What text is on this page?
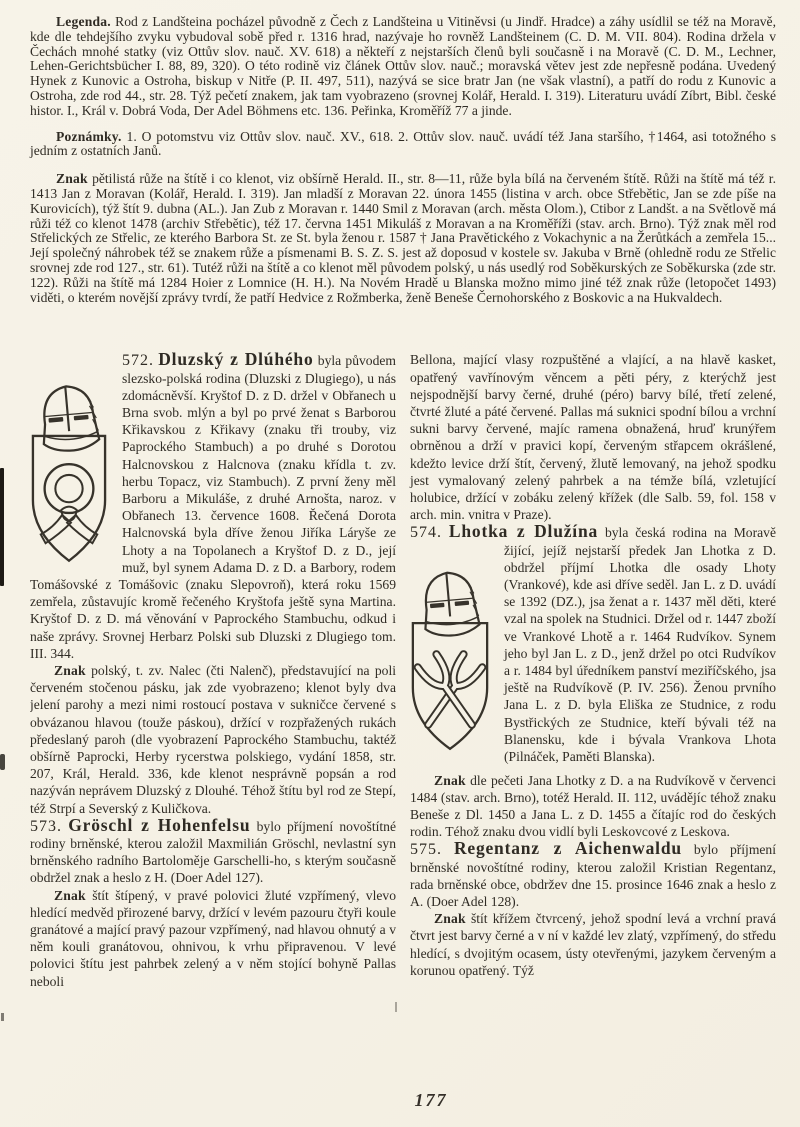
Legenda. Rod z Landšteina pocházel původně z Čech z Landšteina u Vitiněvsi (u Jindř. Hradce) a záhy usídlil se též na Moravě, kde dle tehdejšího zvyku vybudoval sobě před r. 1316 hrad, nazývaje ho rovněž Landšteinem (C. D. M. VII. 804). Rodina držela v Čechách mnohé statky (viz Ottův slov. nauč. XV. 618) a někteří z nejstarších členů byli současně i na Moravě (C. D. M., Lechner, Lehen-Gerichtsbücher I. 88, 89, 320). O této rodině viz článek Ottův slov. nauč.; moravská větev jest zde nepřesně podána. Uvedený Hynek z Kunovic a Ostroha, biskup v Nitře (P. II. 497, 511), nazývá se sice bratr Jan (ne však vlastní), a patří do rodu z Kunovic a Ostroha, zde rod 44., str. 28. Týž pečetí znakem, jak tam vyobrazeno (srovnej Kolář, Herald. I. 319). Literaturu uvádí Zíbrt, Bibl. české histor. I., Král v. Dobrá Voda, Der Adel Böhmens etc. 136. Peřinka, Kroměříž 77 a jinde.

Poznámky. 1. O potomstvu viz Ottův slov. nauč. XV., 618. 2. Ottův slov. nauč. uvádí též Jana staršího, †1464, asi totožného s jedním z ostatních Janů.

Znak pětilistá růže na štítě i co klenot, viz obšírně Herald. II., str. 8—11, růže byla bílá na červeném štítě. Růži na štítě má též r. 1413 Jan z Moravan (Kolář, Herald. I. 319). Jan mladší z Moravan 22. února 1455 (listina v arch. obce Střebětic, Jan se zde píše na Kurovicích), týž štít 9. dubna (AL.). Jan Zub z Moravan r. 1440 Smil z Moravan (arch. města Olom.), Ctibor z Landšt. a na Světlově má růži též co klenot 1478 (archiv Střebětic), též 17. června 1451 Mikuláš z Moravan a na Kroměříži (stav. arch. Brno). Týž znak měl rod Střelických ze Střelic, ze kterého Barbora St. ze St. byla ženou r. 1587 † Jana Pravětického z Vokachynic a na Žerůtkách a zemřela 15... Její společný náhrobek též se znakem růže a písmenami B. S. Z. S. jest až doposud v kostele sv. Jakuba v Brně (ohledně rodu ze Střelic srovnej zde rod 127., str. 61). Tutéž růži na štítě a co klenot měl původem polský, u nás usedlý rod Soběkurských ze Soběkurska (zde str. 122). Růži na štítě má 1284 Hoier z Lomnice (H. H.). Na Novém Hradě u Blanska možno mimo jiné též znak růže (letopočet 1493) viděti, o kterém novější zprávy tvrdí, že patří Hedvice z Rožmberka, ženě Beneše Černohorského z Boskovic a na Hukvaldech.

572. Dluzský z Dlúhého byla původem
slezsko-polská rodina (Dluzski z Dlugiego), u nás zdomácněvší. Kryštof D. z D. držel v Obřanech u Brna svob. mlýn a byl po prvé ženat s Barborou Křikavskou z Křikavy (znaku tři trouby, viz Paprockého Stambuch) a po druhé s Dorotou Halcnovskou z Halcnova (znaku křídla t. zv. herbu Topacz, viz Stambuch). Z první ženy měl Barboru a Mikuláše, z druhé Arnošta, naroz. v Obřanech 13. července 1608. Řečená Dorota Halcnovská byla dříve ženou Jiříka Láryše ze Lhoty a na Topolanech a Kryštof D. z D., její muž, byl synem Adama D. z D. a Barbory, rodem Tomášovské z Tomášovic (znaku Slepovroň), která roku 1569 zemřela, zůstavujíc kromě řečeného Kryštofa ještě syna Martina. Kryštof D. z D. má věnování v Paprockého Stambuchu, odkud i naše zprávy. Srovnej Herbarz Polski sub Dluzski z Dlugiego tom. III. 344.

Znak polský, t. zv. Nalec (čti Nalenč), představující na poli červeném stočenou pásku, jak zde vyobrazeno; klenot byly dva jelení parohy a mezi nimi rostoucí postava v sukničce červené s obvázanou hlavou (touže páskou), držící v rozpřažených rukách předeslaný paroh (dle vyobrazení Paprockého Stambuchu, taktéž obšírně Paprocki, Herby rycerstwa polskiego, vydání 1858, str. 207, Král, Herald. 336, kde klenot nesprávně popsán a rod nazýván neprávem Dluzský z Dlouhé. Téhož štítu byl rod ze Stepí, též Strpí a Severský z Kuličkova.

573. Gröschl z Hohenfelsu bylo příjmení novoštítné rodiny brněnské, kterou založil Maxmilián Gröschl, nevlastní syn brněnského radního Bartoloměje Garschelli-ho, s kterým současně obdržel znak a heslo z H. (Doer Adel 127).

Znak štít štípený, v pravé polovici žluté vzpřímený, vlevo hledící medvěd přirozené barvy, držící v levém pazouru čtyři koule granátové a mající pravý pazour vzpřímený, nad hlavou ohnutý a v něm kouli granátovou, ohnivou, k vrhu připravenou. V levé polovici štítu jest pahrbek zelený a v něm stojící bohyně Pallas neboli

Bellona, mající vlasy rozpuštěné a vlající, a na hlavě kasket, opatřený vavřínovým věncem a pěti péry, z kterýchž jest nejspodnější barvy černé, druhé (péro) barvy bílé, třetí zelené, čtvrté žluté a páté červené. Pallas má suknici spodní bílou a vrchní sukni barvy červené, majíc ramena obnažená, hruď krunýřem obrněnou a drží v pravici kopí, červeným střapcem okrášlené, kdežto levice drží štít, červený, žlutě lemovaný, na jehož spodku jest vymalovaný zelený pahrbek a na témže bílá, vzletující holubice, držící v zobáku zelený křížek (dle Salb. 59, fol. 158 v arch. min. vnitra v Praze).

574. Lhotka z Dlužína byla česká rodina na Moravě žijící, jejíž nejstarší předek Jan Lhotka z D. obdržel příjmí Lhotka dle osady Lhoty (Vrankové), kde asi dříve seděl. Jan L. z D. uvádí se 1392 (DZ.), jsa ženat a r. 1437 měl děti, které vzal na spolek na Studnici. Držel od r. 1447 zboží ve Vrankové Lhotě a r. 1464 Rudvíkov. Synem jeho byl Jan L. z D., jenž držel po otci Rudvíkov a r. 1484 byl úředníkem panství meziříčského, jsa ještě na Rudvíkově (P. IV. 256). Ženou prvního Jana L. z D. byla Eliška ze Studnice, z rodu Bystřických ze Studnice, kteří bývali též na Blanensku, kde i bývala Vrankova Lhota (Pilnáček, Paměti Blanska).

Znak dle pečeti Jana Lhotky z D. a na Rudvíkově v červenci 1484 (stav. arch. Brno), totéž Herald. II. 112, uvádějíc téhož znaku Beneše z Dl. 1450 a Jana L. z D. 1455 a čítajíc rod do českých rodin. Téhož znaku dvou vidlí byli Leskovcové z Leskova.

575. Regentanz z Aichenwaldu bylo příjmení brněnské novoštítné rodiny, kterou založil Kristian Regentanz, rada brněnské obce, obdržev dne 15. prosince 1646 znak a heslo z A. (Doer Adel 128).

Znak štít křížem čtvrcený, jehož spodní levá a vrchní pravá čtvrt jest barvy černé a v ní v každé lev zlatý, vzpřímený, do středu hledící, s dvojitým ocasem, ústy otevřenými, jazykem červeným a korunou opatřený. Týž

177
